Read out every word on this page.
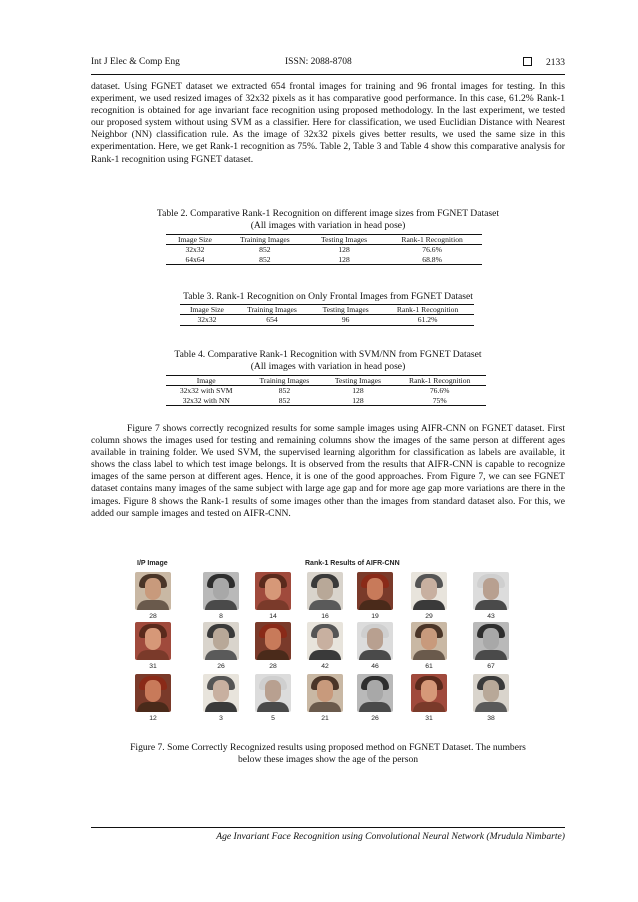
Int J Elec & Comp Eng	ISSN: 2088-8708	2133

dataset. Using FGNET dataset we extracted 654 frontal images for training and 96 frontal images for testing. In this experiment, we used resized images of 32x32 pixels as it has comparative good performance. In this case, 61.2% Rank-1 recognition is obtained for age invariant face recognition using proposed methodology. In the last experiment, we tested our proposed system without using SVM as a classifier. Here for classification, we used Euclidian Distance with Nearest Neighbor (NN) classification rule. As the image of 32x32 pixels gives better results, we used the same size in this experimentation. Here, we get Rank-1 recognition as 75%. Table 2, Table 3 and Table 4 show this comparative analysis for Rank-1 recognition using FGNET dataset.

Table 2. Comparative Rank-1 Recognition on different image sizes from FGNET Dataset
(All images with variation in head pose)

Image Size	Training Images	Testing Images	Rank-1 Recognition
32x32	852	128	76.6%
64x64	852	128	68.8%

Table 3. Rank-1 Recognition on Only Frontal Images from FGNET Dataset

Image Size	Training Images	Testing Images	Rank-1 Recognition
32x32	654	96	61.2%

Table 4. Comparative Rank-1 Recognition with SVM/NN from FGNET Dataset
(All images with variation in head pose)

Image	Training Images	Testing Images	Rank-1 Recognition
32x32 with SVM	852	128	76.6%
32x32 with NN	852	128	75%

Figure 7 shows correctly recognized results for some sample images using AIFR-CNN on FGNET dataset. First column shows the images used for testing and remaining columns show the images of the same person at different ages available in training folder. We used SVM, the supervised learning algorithm for classification as labels are available, it shows the class label to which test image belongs. It is observed from the results that AIFR-CNN is capable to recognize images of the same person at different ages. Hence, it is one of the good approaches. From Figure 7, we can see FGNET dataset contains many images of the same subject with large age gap and for more age gap more variations are there in the images. Figure 8 shows the Rank-1 results of some images other than the images from standard dataset also. For this, we added our sample images and tested on AIFR-CNN.

I/P Image	Rank-1 Results of AIFR-CNN
28	8	14	16	19	29	43
31	26	28	42	46	61	67
12	3	5	21	26	31	38

Figure 7. Some Correctly Recognized results using proposed method on FGNET Dataset. The numbers
below these images show the age of the person

Age Invariant Face Recognition using Convolutional Neural Network (Mrudula Nimbarte)
